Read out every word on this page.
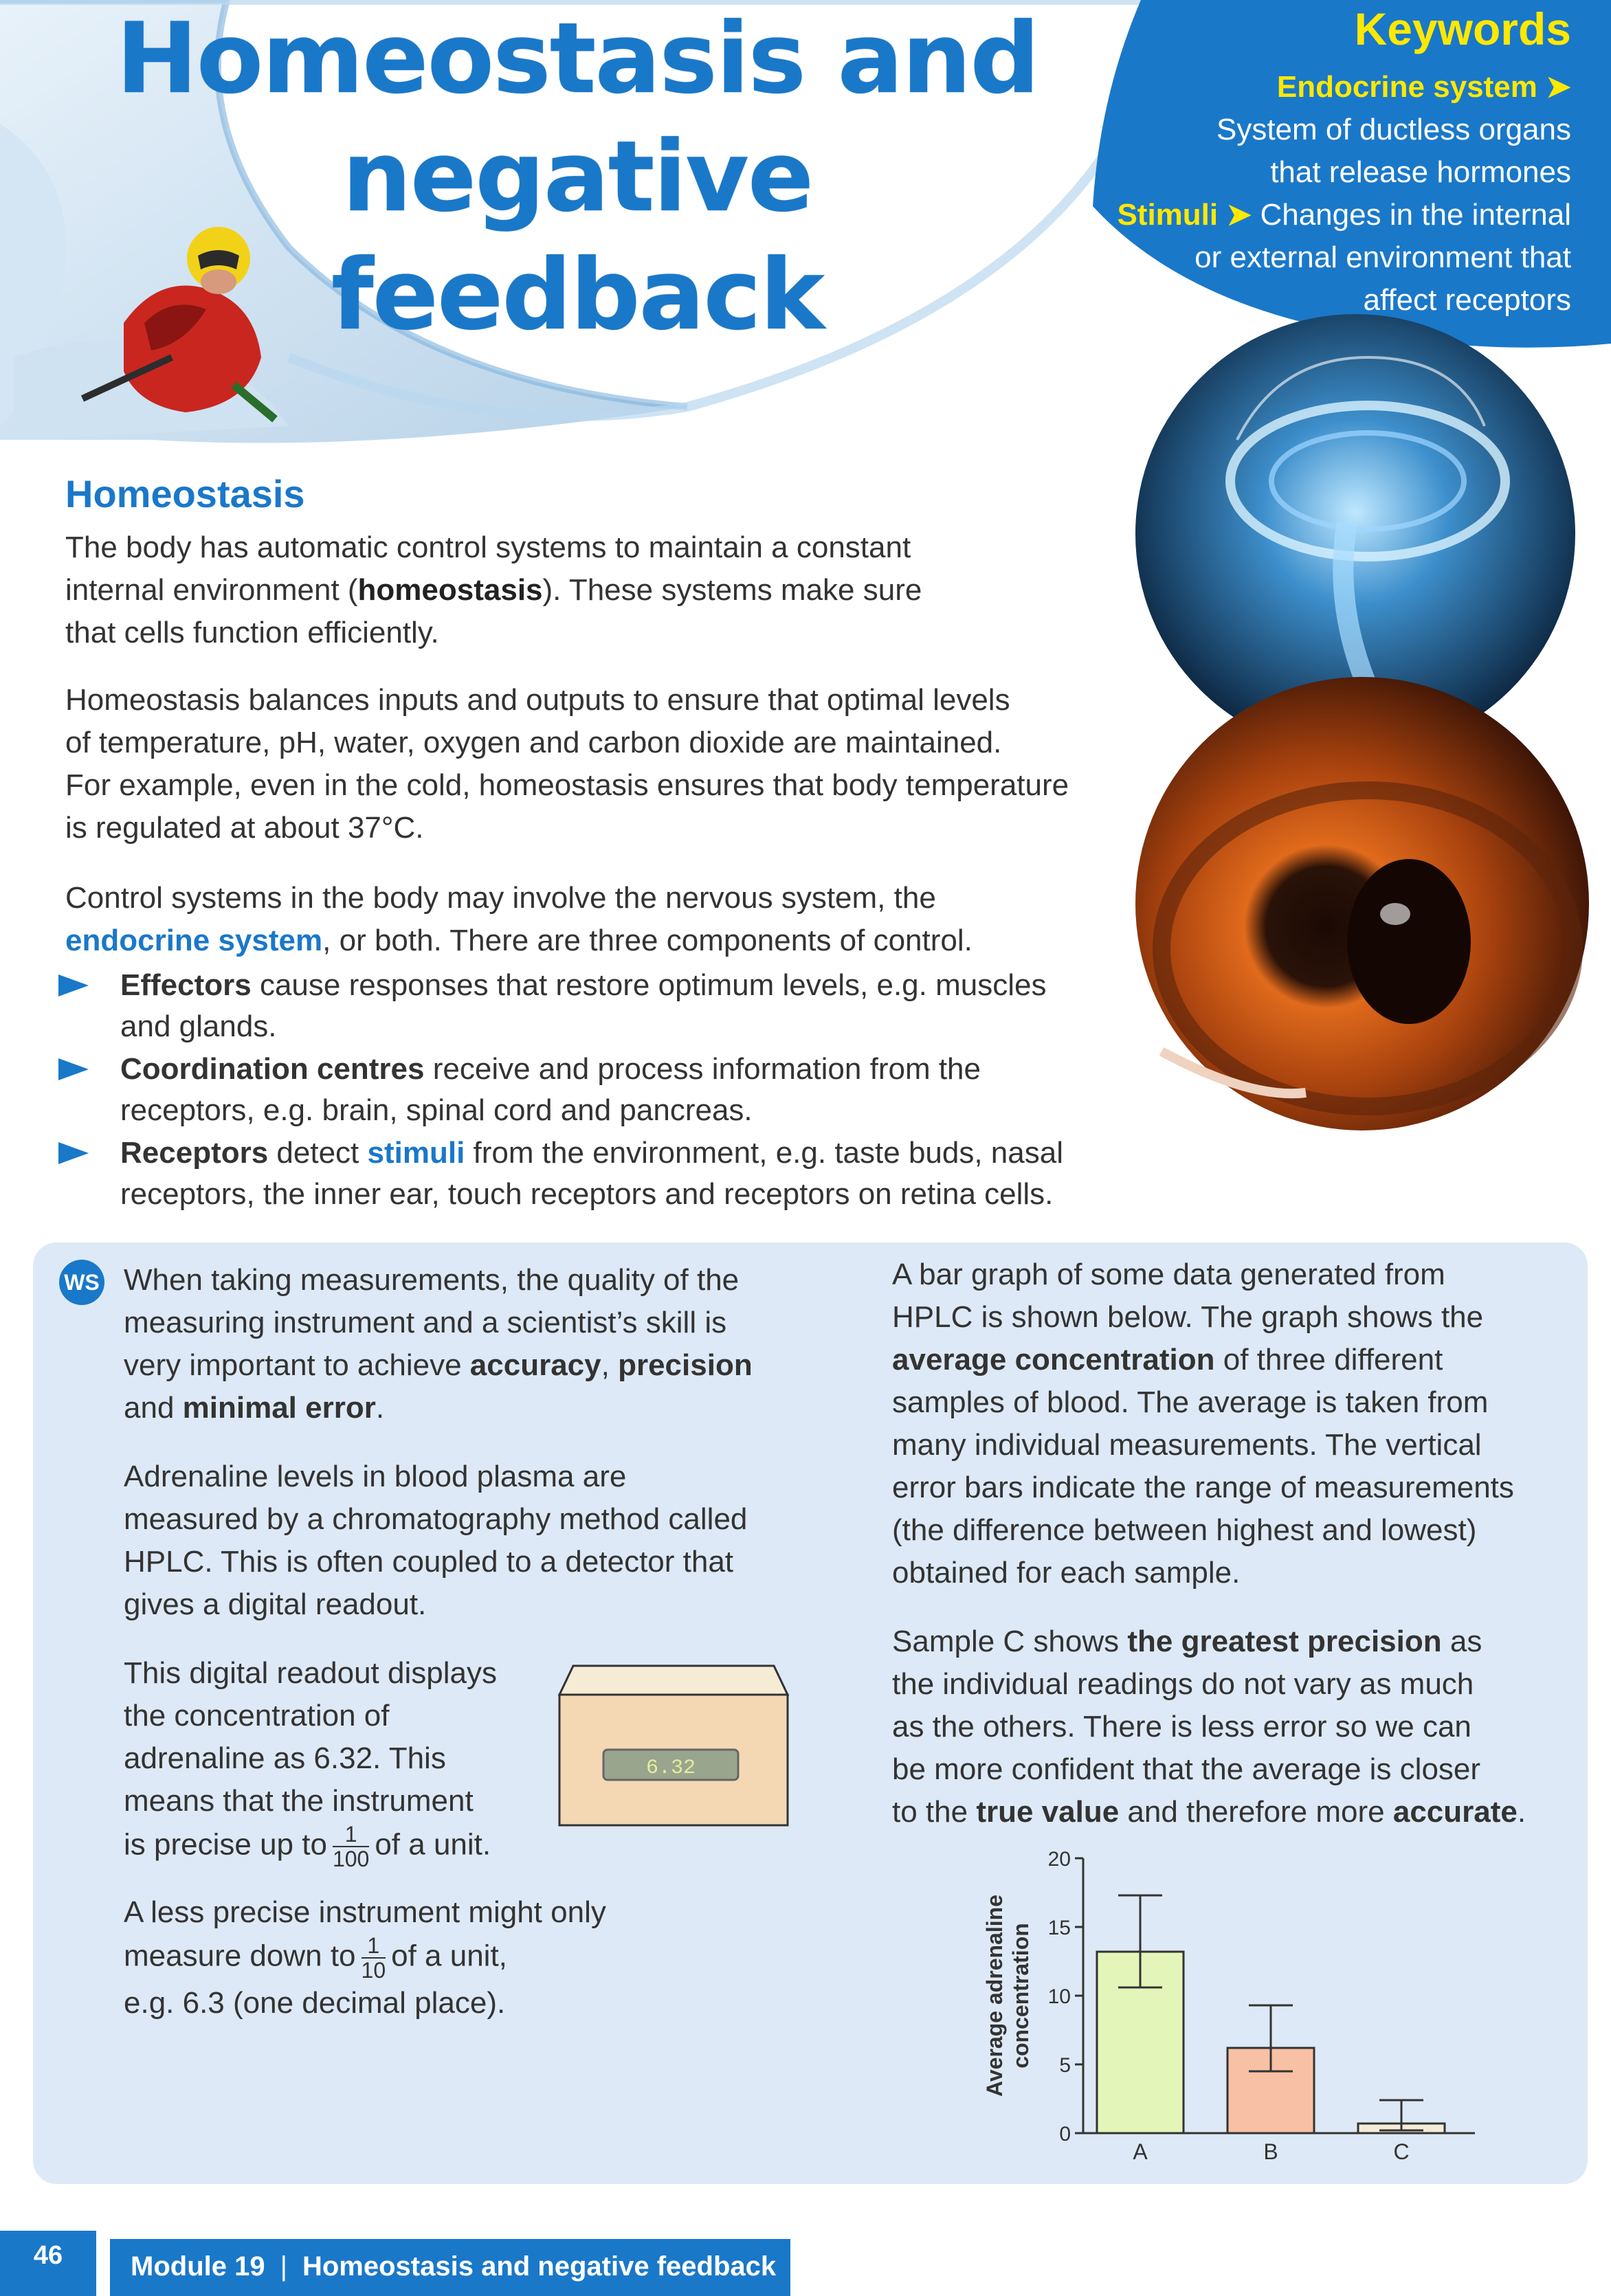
Homeostasis and
negative feedback
Keywords
Endocrine system ➤
System of ductless organs
that release hormones
Stimuli ➤ Changes in the internal
or external environment that
affect receptors
Homeostasis
The body has automatic control systems to maintain a constant
internal environment (homeostasis). These systems make sure
that cells function efficiently.
Homeostasis balances inputs and outputs to ensure that optimal levels
of temperature, pH, water, oxygen and carbon dioxide are maintained.
For example, even in the cold, homeostasis ensures that body temperature
is regulated at about 37°C.
Control systems in the body may involve the nervous system, the
endocrine system, or both. There are three components of control.
Effectors cause responses that restore optimum levels, e.g. muscles
and glands.
Coordination centres receive and process information from the
receptors, e.g. brain, spinal cord and pancreas.
Receptors detect stimuli from the environment, e.g. taste buds, nasal
receptors, the inner ear, touch receptors and receptors on retina cells.
WS When taking measurements, the quality of the
measuring instrument and a scientist’s skill is
very important to achieve accuracy, precision
and minimal error.
Adrenaline levels in blood plasma are
measured by a chromatography method called
HPLC. This is often coupled to a detector that
gives a digital readout.
This digital readout displays
the concentration of
adrenaline as 6.32. This
means that the instrument
is precise up to $\frac{1}{100}$ of a unit.
6.32
A less precise instrument might only
measure down to $\frac{1}{10}$ of a unit,
e.g. 6.3 (one decimal place).
A bar graph of some data generated from
HPLC is shown below. The graph shows the
average concentration of three different
samples of blood. The average is taken from
many individual measurements. The vertical
error bars indicate the range of measurements
(the difference between highest and lowest)
obtained for each sample.
Sample C shows the greatest precision as
the individual readings do not vary as much
as the others. There is less error so we can
be more confident that the average is closer
to the true value and therefore more accurate.
0
5
10
15
20
Average adrenaline concentration
A	B	C
46	Module 19 | Homeostasis and negative feedback
